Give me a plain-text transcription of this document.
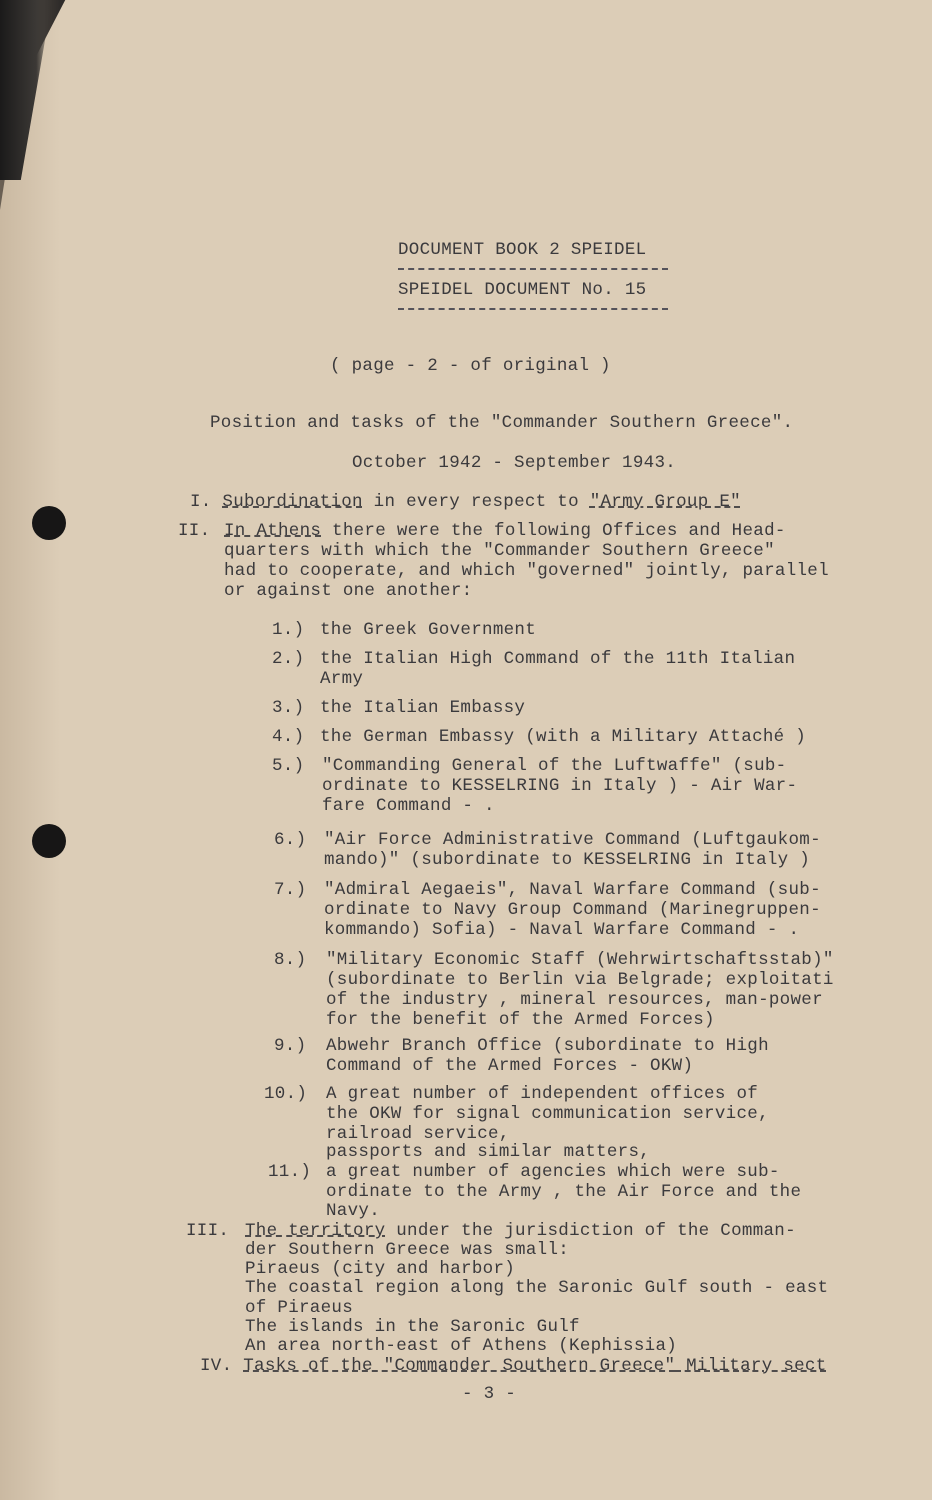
DOCUMENT BOOK 2 SPEIDEL
SPEIDEL DOCUMENT No. 15
( page - 2 - of original )
Position and tasks of the "Commander Southern Greece".
October 1942 - September 1943.
I. Subordination in every respect to "Army Group E"
II. In Athens there were the following Offices and Head-
quarters with which the "Commander Southern Greece"
had to cooperate, and which "governed" jointly, parallel
or against one another:
1.) the Greek Government
2.) the Italian High Command of the 11th Italian
Army
3.) the Italian Embassy
4.) the German Embassy (with a Military Attaché )
5.) "Commanding General of the Luftwaffe" (sub-
ordinate to KESSELRING in Italy ) - Air War-
fare Command - .
6.) "Air Force Administrative Command (Luftgaukom-
mando)" (subordinate to KESSELRING in Italy )
7.) "Admiral Aegaeis", Naval Warfare Command (sub-
ordinate to Navy Group Command (Marinegruppen-
kommando) Sofia) - Naval Warfare Command - .
8.) "Military Economic Staff (Wehrwirtschaftsstab)"
(subordinate to Berlin via Belgrade; exploitati
of the industry , mineral resources, man-power
for the benefit of the Armed Forces)
9.) Abwehr Branch Office (subordinate to High
Command of the Armed Forces - OKW)
10.) A great number of independent offices of
the OKW for signal communication service,
railroad service,
passports and similar matters,
11.) a great number of agencies which were sub-
ordinate to the Army , the Air Force and the
Navy.
III. The territory under the jurisdiction of the Comman-
der Southern Greece was small:
Piraeus (city and harbor)
The coastal region along the Saronic Gulf south - east
of Piraeus
The islands in the Saronic Gulf
An area north-east of Athens (Kephissia)
IV. Tasks of the "Commander Southern Greece" Military sect
- 3 -
